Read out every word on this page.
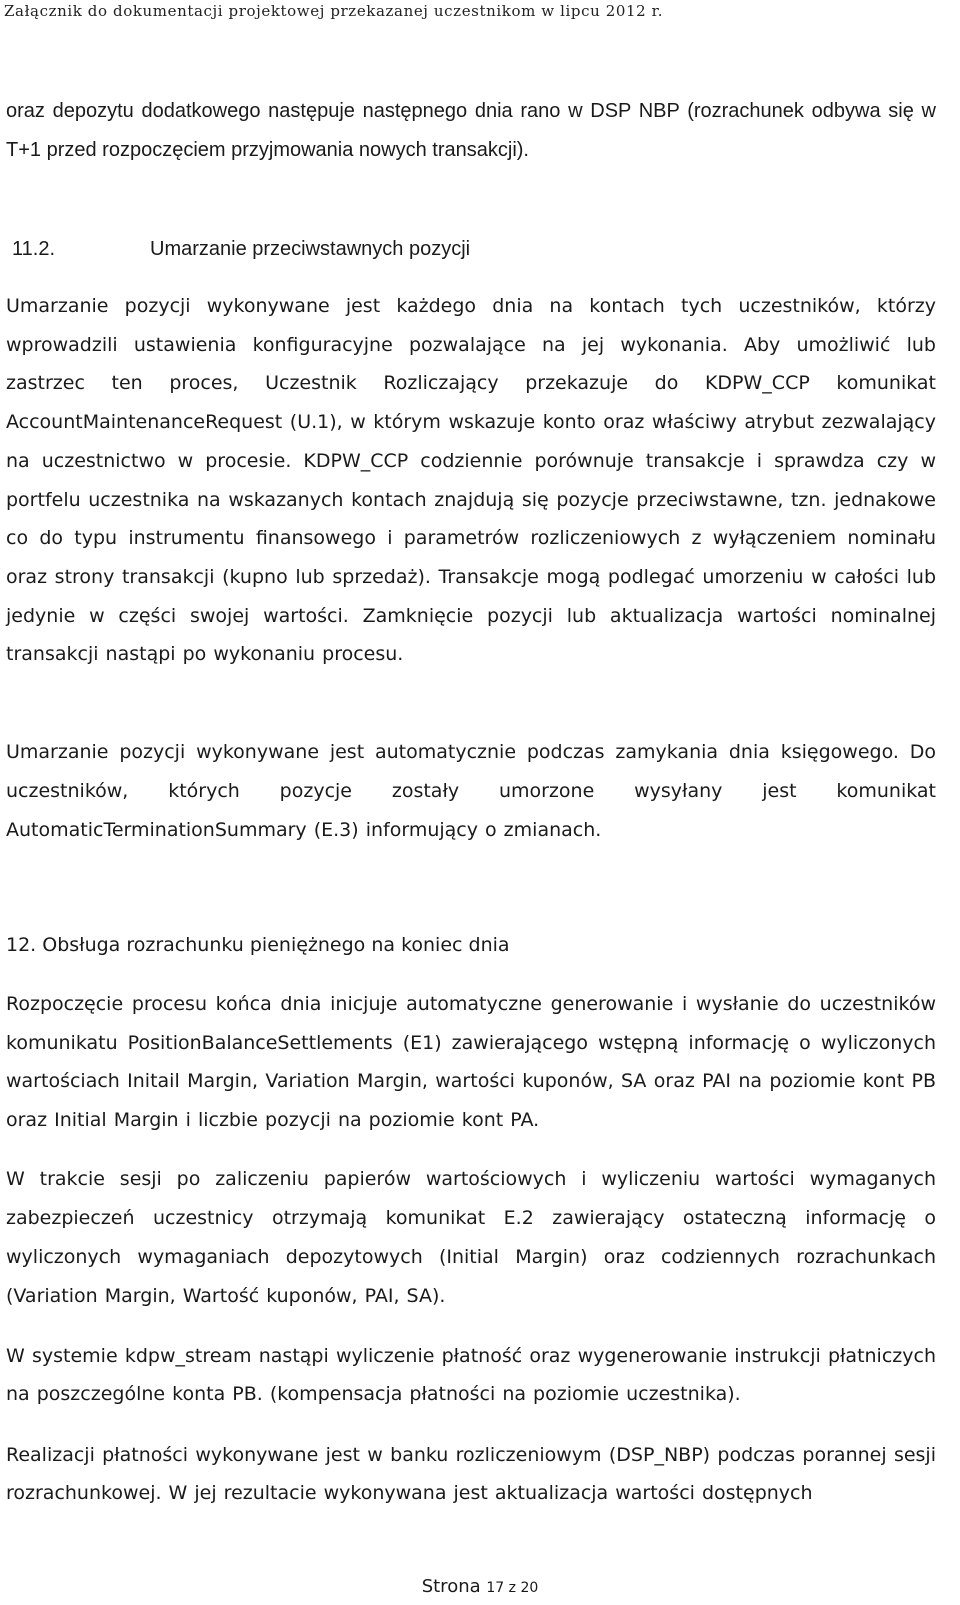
Załącznik do dokumentacji projektowej przekazanej uczestnikom w lipcu 2012 r.

oraz depozytu dodatkowego następuje następnego dnia rano w DSP NBP (rozrachunek odbywa się w T+1 przed rozpoczęciem przyjmowania nowych transakcji).

11.2.	Umarzanie przeciwstawnych pozycji

Umarzanie pozycji wykonywane jest każdego dnia na kontach tych uczestników, którzy wprowadzili ustawienia konfiguracyjne pozwalające na jej wykonania. Aby umożliwić lub zastrzec ten proces, Uczestnik Rozliczający przekazuje do KDPW_CCP komunikat AccountMaintenanceRequest (U.1), w którym wskazuje konto oraz właściwy atrybut zezwalający na uczestnictwo w procesie. KDPW_CCP codziennie porównuje transakcje i sprawdza czy w portfelu uczestnika na wskazanych kontach znajdują się pozycje przeciwstawne, tzn. jednakowe co do typu instrumentu finansowego i parametrów rozliczeniowych z wyłączeniem nominału oraz strony transakcji (kupno lub sprzedaż). Transakcje mogą podlegać umorzeniu w całości lub jedynie w części swojej wartości. Zamknięcie pozycji lub aktualizacja wartości nominalnej transakcji nastąpi po wykonaniu procesu.

Umarzanie pozycji wykonywane jest automatycznie podczas zamykania dnia księgowego. Do uczestników, których pozycje zostały umorzone wysyłany jest komunikat AutomaticTerminationSummary (E.3) informujący o zmianach.

12. Obsługa rozrachunku pieniężnego na koniec dnia

Rozpoczęcie procesu końca dnia inicjuje automatyczne generowanie i wysłanie do uczestników komunikatu PositionBalanceSettlements (E1) zawierającego wstępną informację o wyliczonych wartościach Initail Margin, Variation Margin, wartości kuponów, SA oraz PAI na poziomie kont PB oraz Initial Margin i liczbie pozycji na poziomie kont PA.

W trakcie sesji po zaliczeniu papierów wartościowych i wyliczeniu wartości wymaganych zabezpieczeń uczestnicy otrzymają komunikat E.2 zawierający ostateczną informację o wyliczonych wymaganiach depozytowych (Initial Margin) oraz codziennych rozrachunkach (Variation Margin, Wartość kuponów, PAI, SA).

W systemie kdpw_stream nastąpi wyliczenie płatność oraz wygenerowanie instrukcji płatniczych na poszczególne konta PB. (kompensacja płatności na poziomie uczestnika).

Realizacji płatności wykonywane jest w banku rozliczeniowym (DSP_NBP) podczas porannej sesji rozrachunkowej. W jej rezultacie wykonywana jest aktualizacja wartości dostępnych

Strona 17 z 20
